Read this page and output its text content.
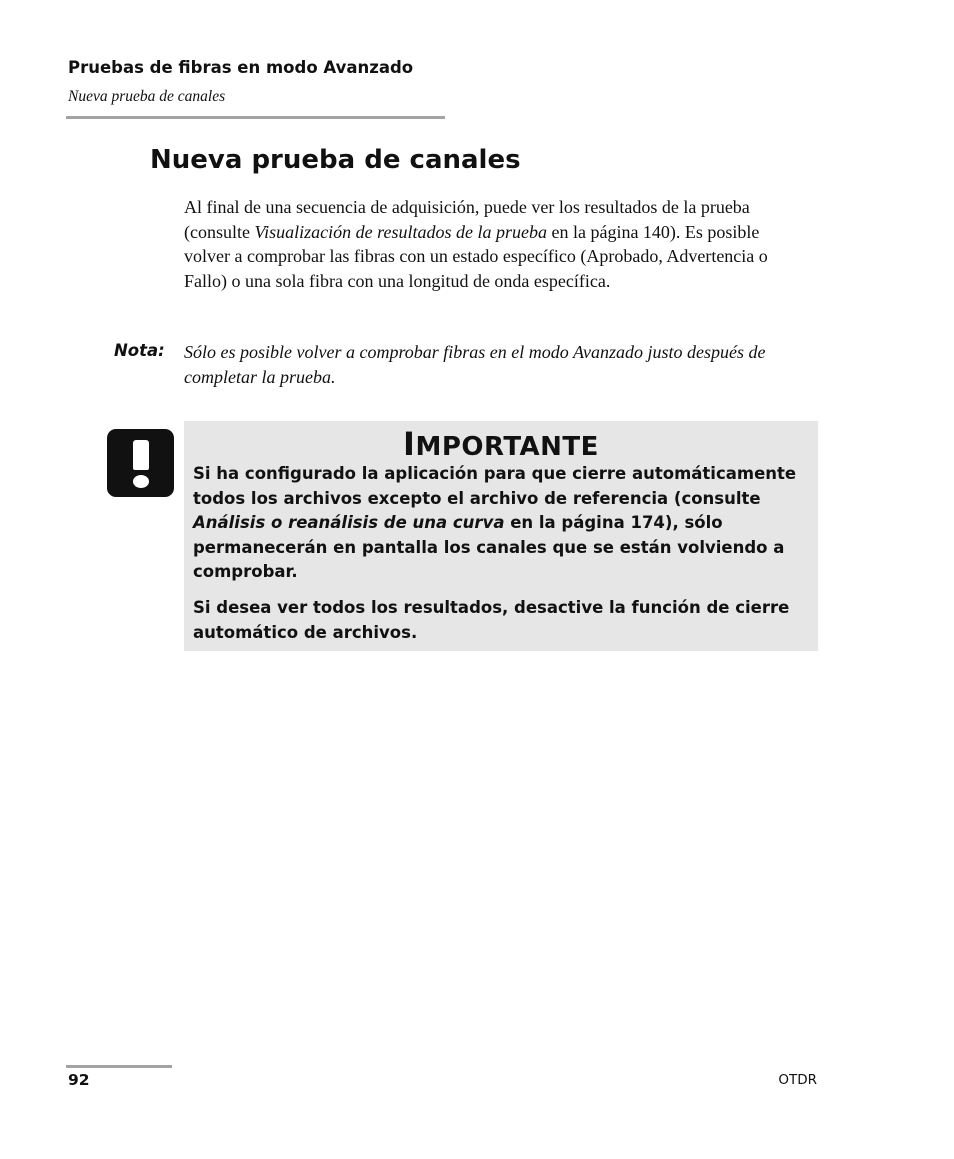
Pruebas de fibras en modo Avanzado
Nueva prueba de canales
Nueva prueba de canales
Al final de una secuencia de adquisición, puede ver los resultados de la prueba (consulte Visualización de resultados de la prueba en la página 140). Es posible volver a comprobar las fibras con un estado específico (Aprobado, Advertencia o Fallo) o una sola fibra con una longitud de onda específica.
Nota: Sólo es posible volver a comprobar fibras en el modo Avanzado justo después de completar la prueba.
IMPORTANTE
Si ha configurado la aplicación para que cierre automáticamente todos los archivos excepto el archivo de referencia (consulte Análisis o reanálisis de una curva en la página 174), sólo permanecerán en pantalla los canales que se están volviendo a comprobar.
Si desea ver todos los resultados, desactive la función de cierre automático de archivos.
92	OTDR
